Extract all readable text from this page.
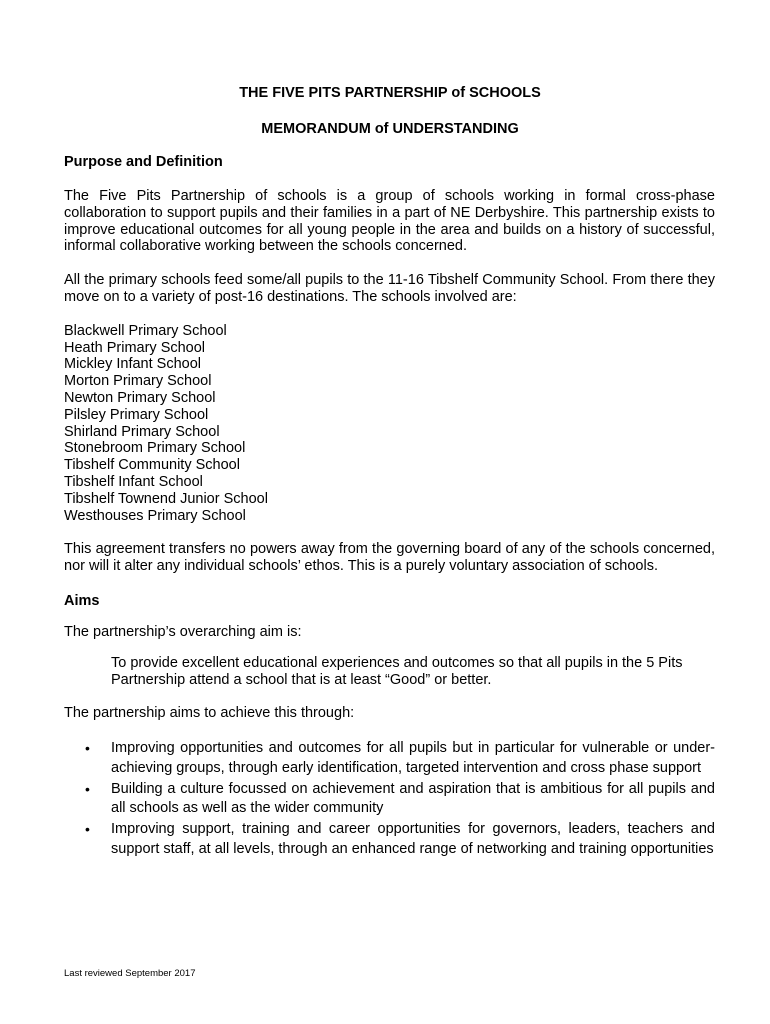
THE FIVE PITS PARTNERSHIP of SCHOOLS
MEMORANDUM of UNDERSTANDING
Purpose and Definition

The Five Pits Partnership of schools is a group of schools working in formal cross-phase collaboration to support pupils and their families in a part of NE Derbyshire. This partnership exists to improve educational outcomes for all young people in the area and builds on a history of successful, informal collaborative working between the schools concerned.

All the primary schools feed some/all pupils to the 11-16 Tibshelf Community School. From there they move on to a variety of post-16 destinations. The schools involved are:

Blackwell Primary School
Heath Primary School
Mickley Infant School
Morton Primary School
Newton Primary School
Pilsley Primary School
Shirland Primary School
Stonebroom Primary School
Tibshelf Community School
Tibshelf Infant School
Tibshelf Townend Junior School
Westhouses Primary School

This agreement transfers no powers away from the governing board of any of the schools concerned, nor will it alter any individual schools’ ethos. This is a purely voluntary association of schools.

Aims

The partnership’s overarching aim is:

To provide excellent educational experiences and outcomes so that all pupils in the 5 Pits Partnership attend a school that is at least “Good” or better.

The partnership aims to achieve this through:

• Improving opportunities and outcomes for all pupils but in particular for vulnerable or under-achieving groups, through early identification, targeted intervention and cross phase support
• Building a culture focussed on achievement and aspiration that is ambitious for all pupils and all schools as well as the wider community
• Improving support, training and career opportunities for governors, leaders, teachers and support staff, at all levels, through an enhanced range of networking and training opportunities
Last reviewed September 2017
